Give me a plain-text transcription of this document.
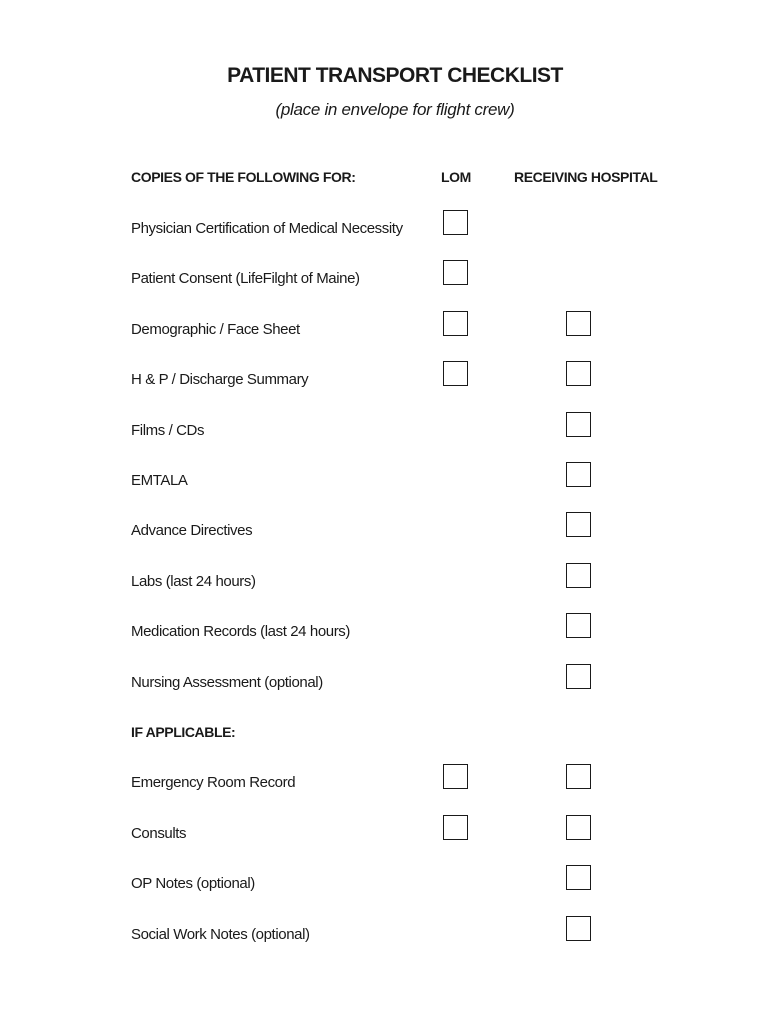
PATIENT TRANSPORT CHECKLIST

(place in envelope for flight crew)

COPIES OF THE FOLLOWING FOR:	LOM	RECEIVING HOSPITAL
Physician Certification of Medical Necessity
Patient Consent (LifeFilght of Maine)
Demographic / Face Sheet
H & P / Discharge Summary
Films / CDs
EMTALA
Advance Directives
Labs (last 24 hours)
Medication Records (last 24 hours)
Nursing Assessment (optional)
IF APPLICABLE:
Emergency Room Record
Consults
OP Notes (optional)
Social Work Notes (optional)
